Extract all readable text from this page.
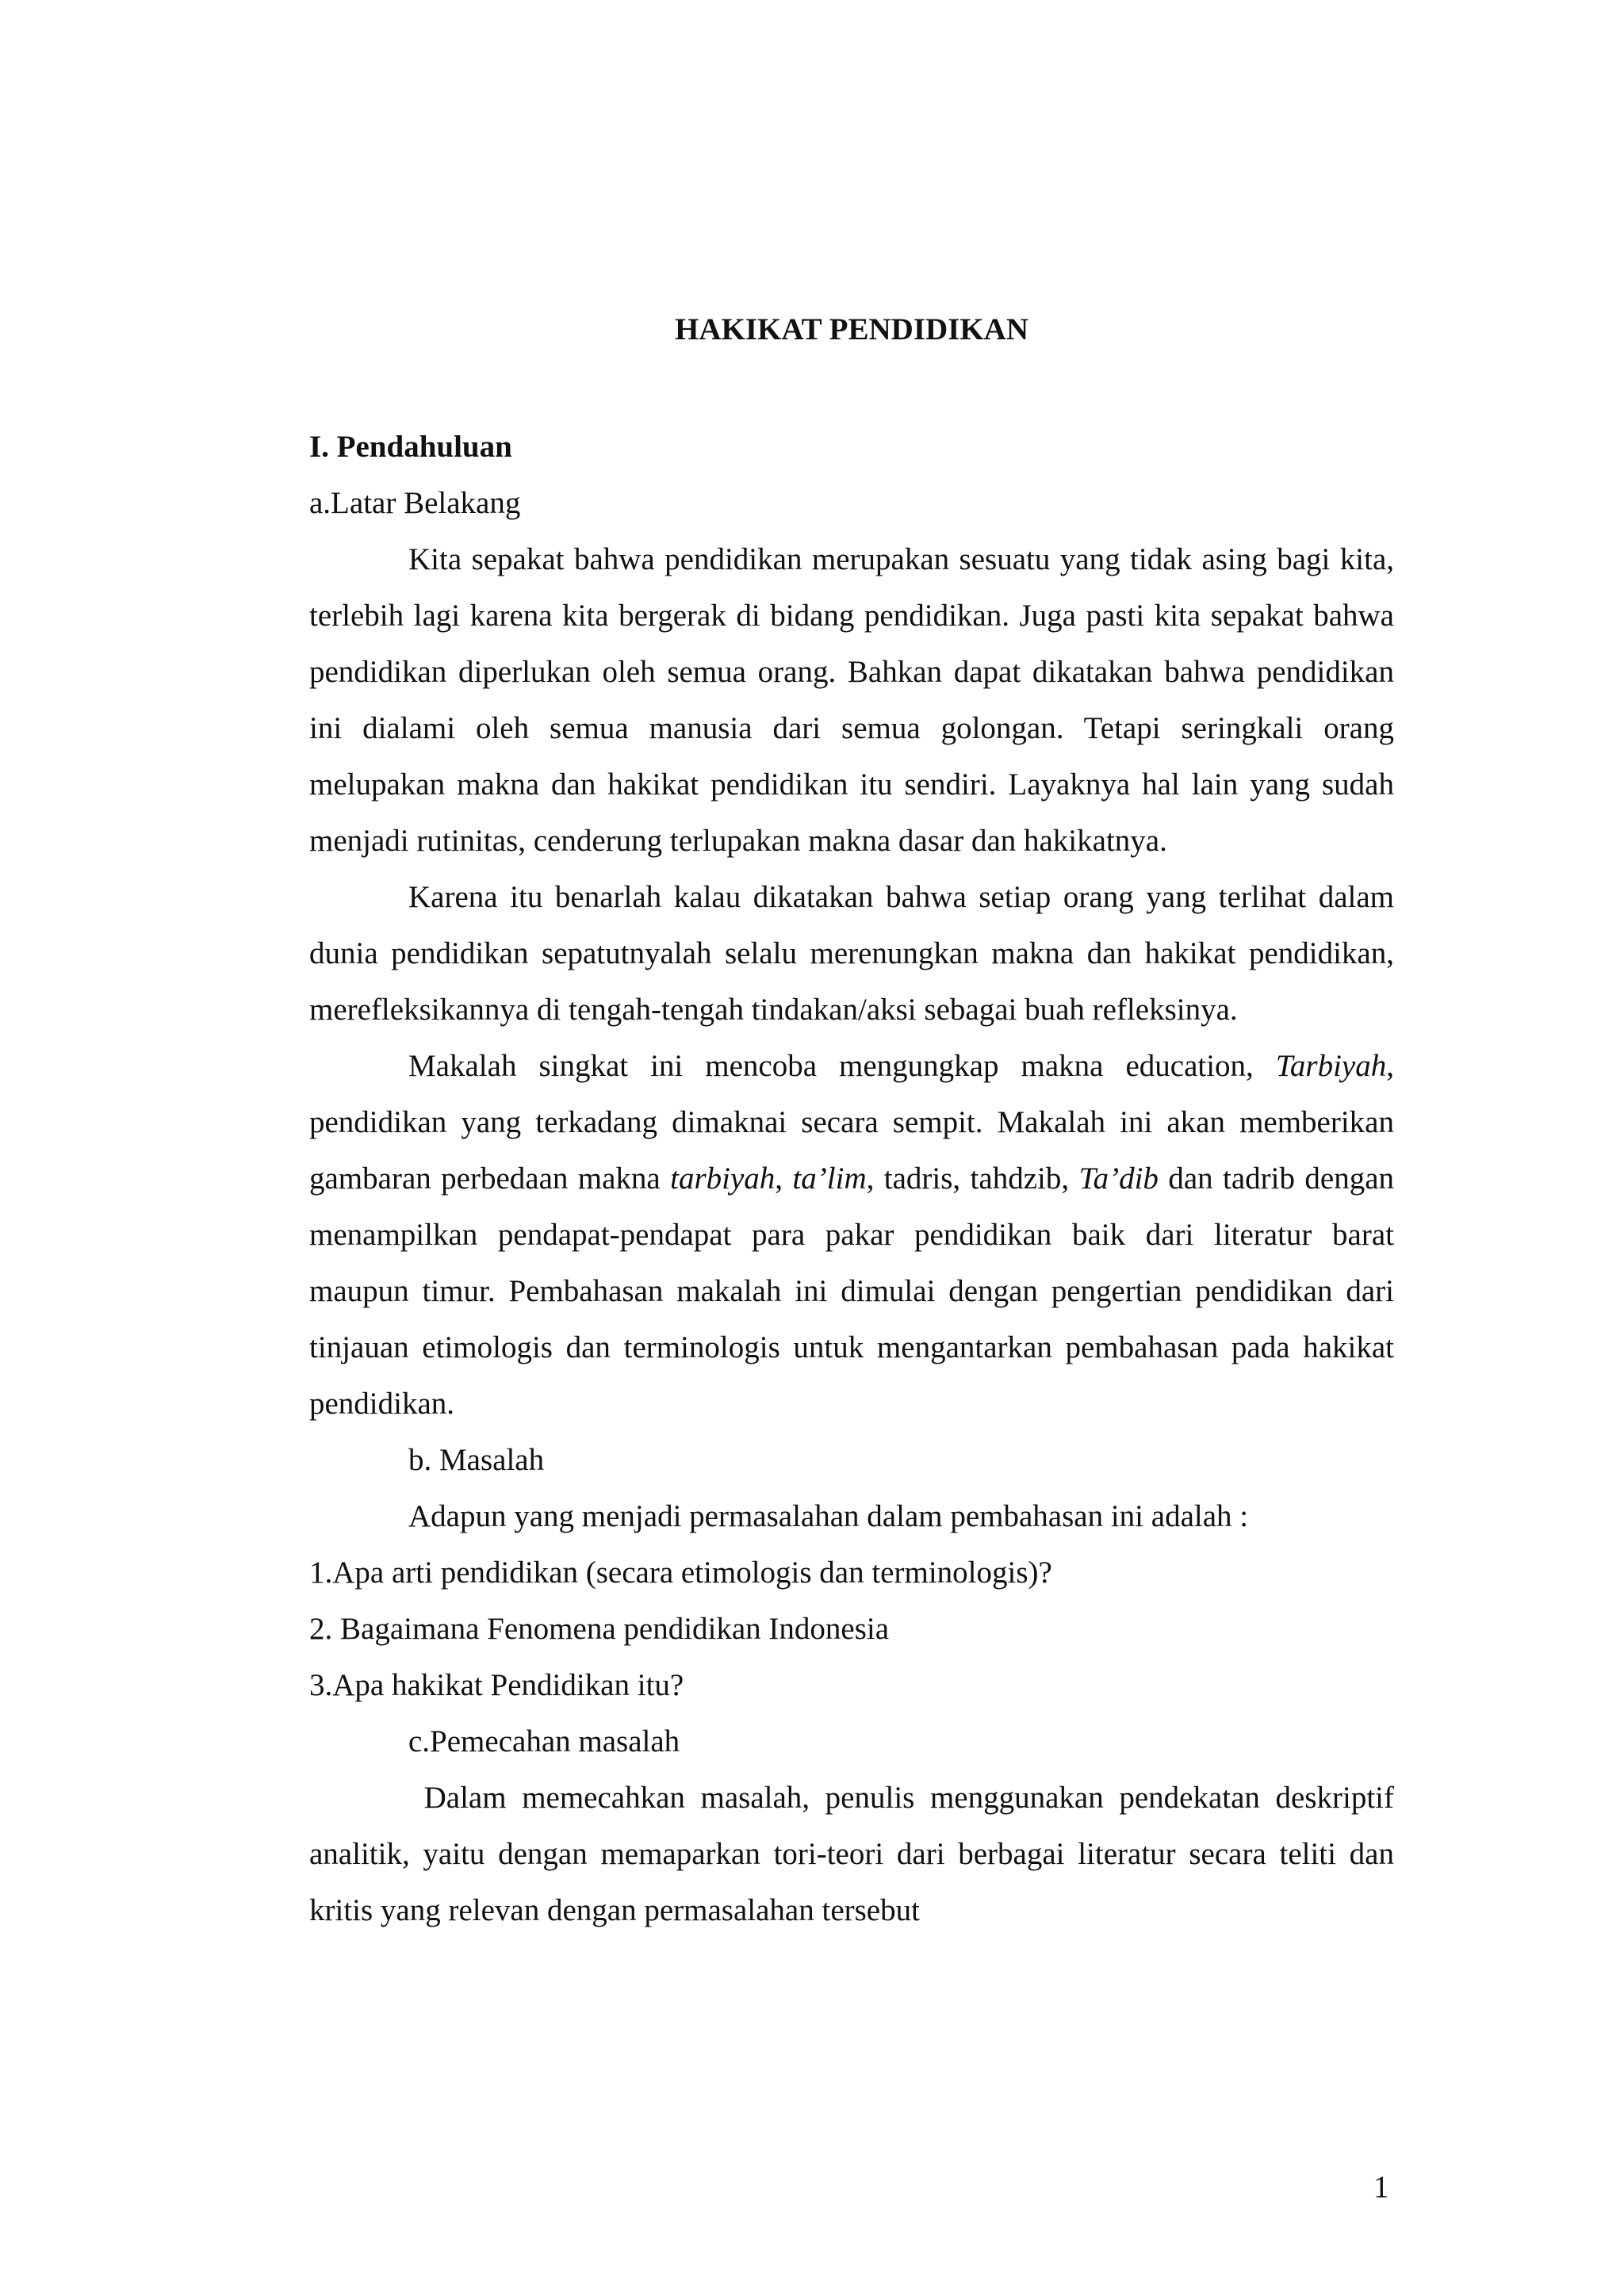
HAKIKAT PENDIDIKAN
I. Pendahuluan
a.Latar Belakang

Kita sepakat bahwa pendidikan merupakan sesuatu yang tidak asing bagi kita, terlebih lagi karena kita bergerak di bidang pendidikan. Juga pasti kita sepakat bahwa pendidikan diperlukan oleh semua orang. Bahkan dapat dikatakan bahwa pendidikan ini dialami oleh semua manusia dari semua golongan. Tetapi seringkali orang melupakan makna dan hakikat pendidikan itu sendiri. Layaknya hal lain yang sudah menjadi rutinitas, cenderung terlupakan makna dasar dan hakikatnya.

Karena itu benarlah kalau dikatakan bahwa setiap orang yang terlihat dalam dunia pendidikan sepatutnyalah selalu merenungkan makna dan hakikat pendidikan, merefleksikannya di tengah-tengah tindakan/aksi sebagai buah refleksinya.

Makalah singkat ini mencoba mengungkap makna education, Tarbiyah, pendidikan yang terkadang dimaknai secara sempit. Makalah ini akan memberikan gambaran perbedaan makna tarbiyah, ta’lim, tadris, tahdzib, Ta’dib dan tadrib dengan menampilkan pendapat-pendapat para pakar pendidikan baik dari literatur barat maupun timur. Pembahasan makalah ini dimulai dengan pengertian pendidikan dari tinjauan etimologis dan terminologis untuk mengantarkan pembahasan pada hakikat pendidikan.

b. Masalah

Adapun yang menjadi permasalahan dalam pembahasan ini adalah :

1.Apa arti pendidikan (secara etimologis dan terminologis)?
2. Bagaimana Fenomena pendidikan Indonesia
3.Apa hakikat Pendidikan itu?
c.Pemecahan masalah

Dalam memecahkan masalah, penulis menggunakan pendekatan deskriptif analitik, yaitu dengan memaparkan tori-teori dari berbagai literatur secara teliti dan kritis yang relevan dengan permasalahan tersebut

1
